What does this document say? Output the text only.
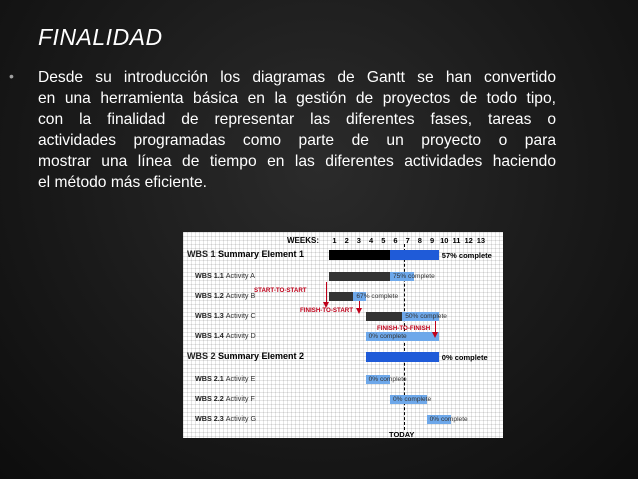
FINALIDAD
• Desde su introducción los diagramas de Gantt se han convertido
en una herramienta básica en la gestión de proyectos de todo tipo,
con la finalidad de representar las diferentes fases, tareas o
actividades programadas como parte de un proyecto o para
mostrar una línea de tiempo en las diferentes actividades haciendo
el método más eficiente.
WEEKS:
TODAY
1	2	3	4	5	6	7	8	9 10 11 12 13
WBS 1 Summary Element 1	57% complete
WBS 1.1 Activity A	75% complete
WBS 1.2 Activity B	67% complete
WBS 1.3 Activity C	50% complete
WBS 1.4 Activity D	0% complete
WBS 2 Summary Element 2	0% complete
WBS 2.1 Activity E	0% complete
WBS 2.2 Activity F	0% complete
WBS 2.3 Activity G	0% complete
START-TO-START
FINISH-TO-START
FINISH-TO-FINISH
